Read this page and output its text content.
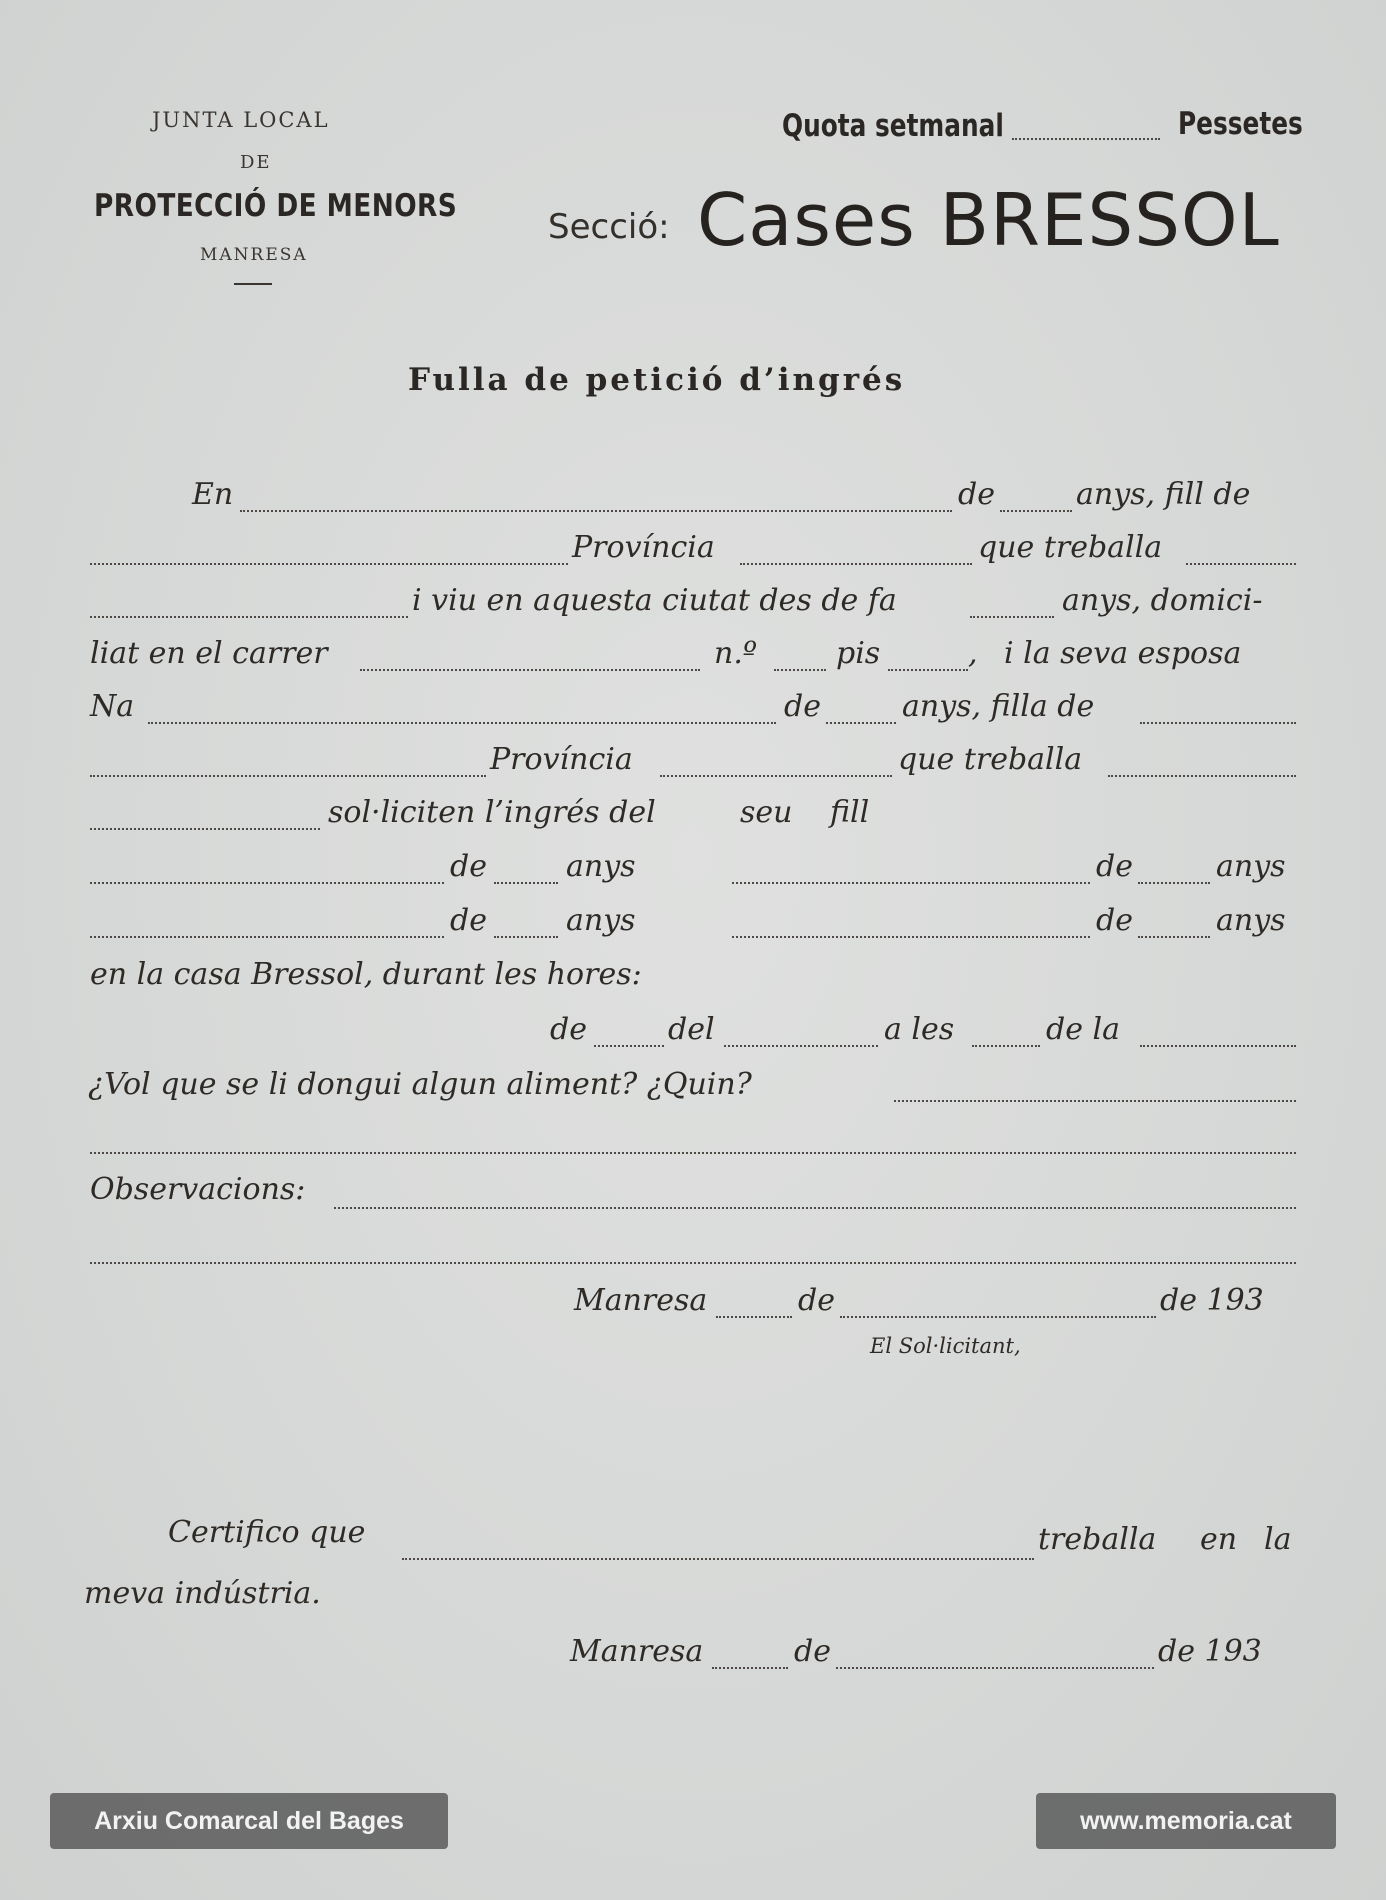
JUNTA LOCAL
DE
PROTECCIÓ DE MENORS
MANRESA
Quota setmanal	Pessetes
Secció: Cases BRESSOL
Fulla de petició d’ingrés
En	de	anys, fill de
Província	que treballa
i viu en aquesta ciutat des de fa	anys, domici-
liat en el carrer	n.º	pis	, i la seva esposa
Na	de	anys, filla de
Província	que treballa
sol·liciten l’ingrés del	seu fill
de	anys	de	anys
de	anys	de	anys
en la casa Bressol, durant les hores:
de	del	a les	de la
¿Vol que se li dongui algun aliment? ¿Quin?
Observacions:
Manresa	de	de 193
El Sol·licitant,
Certifico que	treballa en la
meva indústria.
Manresa	de	de 193
Arxiu Comarcal del Bages	www.memoria.cat
